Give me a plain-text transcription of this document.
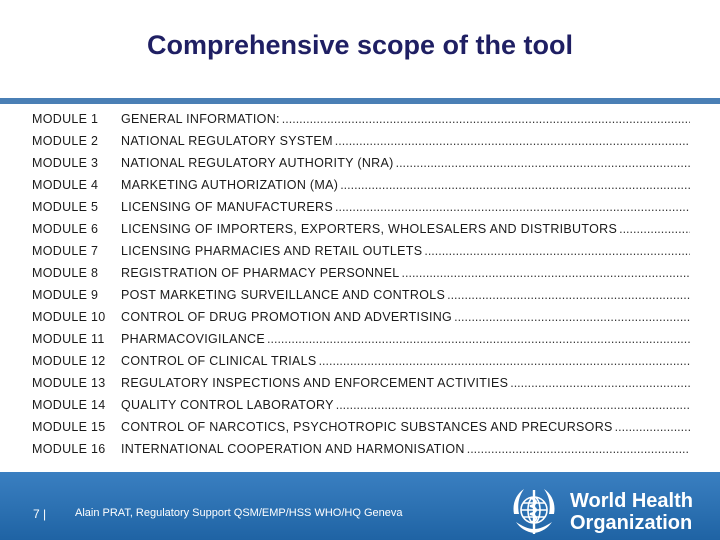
Comprehensive scope of the tool
MODULE 1	GENERAL INFORMATION:
.....
MODULE 2	NATIONAL REGULATORY SYSTEM
.....
MODULE 3	NATIONAL REGULATORY AUTHORITY (NRA)
.....
MODULE 4	MARKETING AUTHORIZATION (MA)
.....
MODULE 5	LICENSING OF MANUFACTURERS
.....
MODULE 6	LICENSING OF IMPORTERS, EXPORTERS, WHOLESALERS AND DISTRIBUTORS
.....
MODULE 7	LICENSING PHARMACIES AND RETAIL OUTLETS
.....
MODULE 8	REGISTRATION OF PHARMACY PERSONNEL
.....
MODULE 9	POST MARKETING SURVEILLANCE AND CONTROLS
.....
MODULE 10	CONTROL OF DRUG PROMOTION AND ADVERTISING
.....
MODULE 11	PHARMACOVIGILANCE
.....
MODULE 12	CONTROL OF CLINICAL TRIALS
.....
MODULE 13	REGULATORY INSPECTIONS AND ENFORCEMENT ACTIVITIES
.....
MODULE 14	QUALITY CONTROL LABORATORY
.....
MODULE 15	CONTROL OF NARCOTICS, PSYCHOTROPIC SUBSTANCES AND PRECURSORS
.....
MODULE 16	INTERNATIONAL COOPERATION AND HARMONISATION
.....
7 |	Alain PRAT, Regulatory Support QSM/EMP/HSS WHO/HQ Geneva
World Health
Organization
